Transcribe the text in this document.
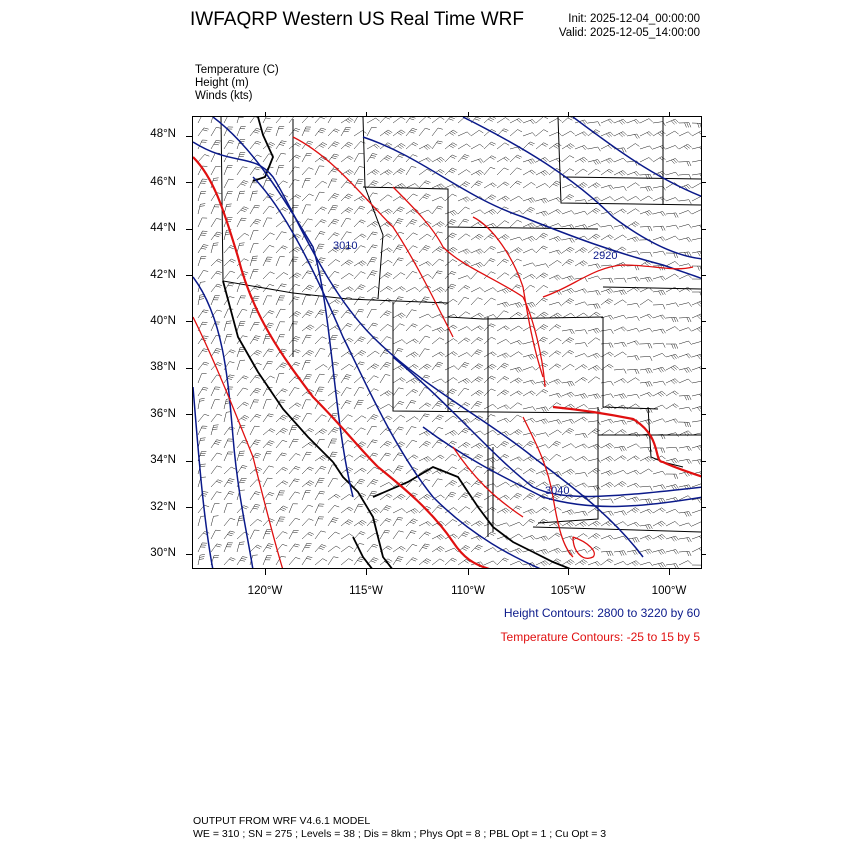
IWFAQRP Western US Real Time WRF	Init: 2025-12-04_00:00:00
Valid: 2025-12-05_14:00:00
Temperature (C)
Height (m)
Winds (kts)
3010
2920
3040
48°N
46°N
44°N
42°N
40°N
38°N
36°N
34°N
32°N
30°N
120°W	115°W	110°W	105°W	100°W
Height Contours: 2800 to 3220 by 60
Temperature Contours: -25 to 15 by 5
OUTPUT FROM WRF V4.6.1 MODEL
WE = 310 ; SN = 275 ; Levels = 38 ; Dis = 8km ; Phys Opt = 8 ; PBL Opt = 1 ; Cu Opt = 3
